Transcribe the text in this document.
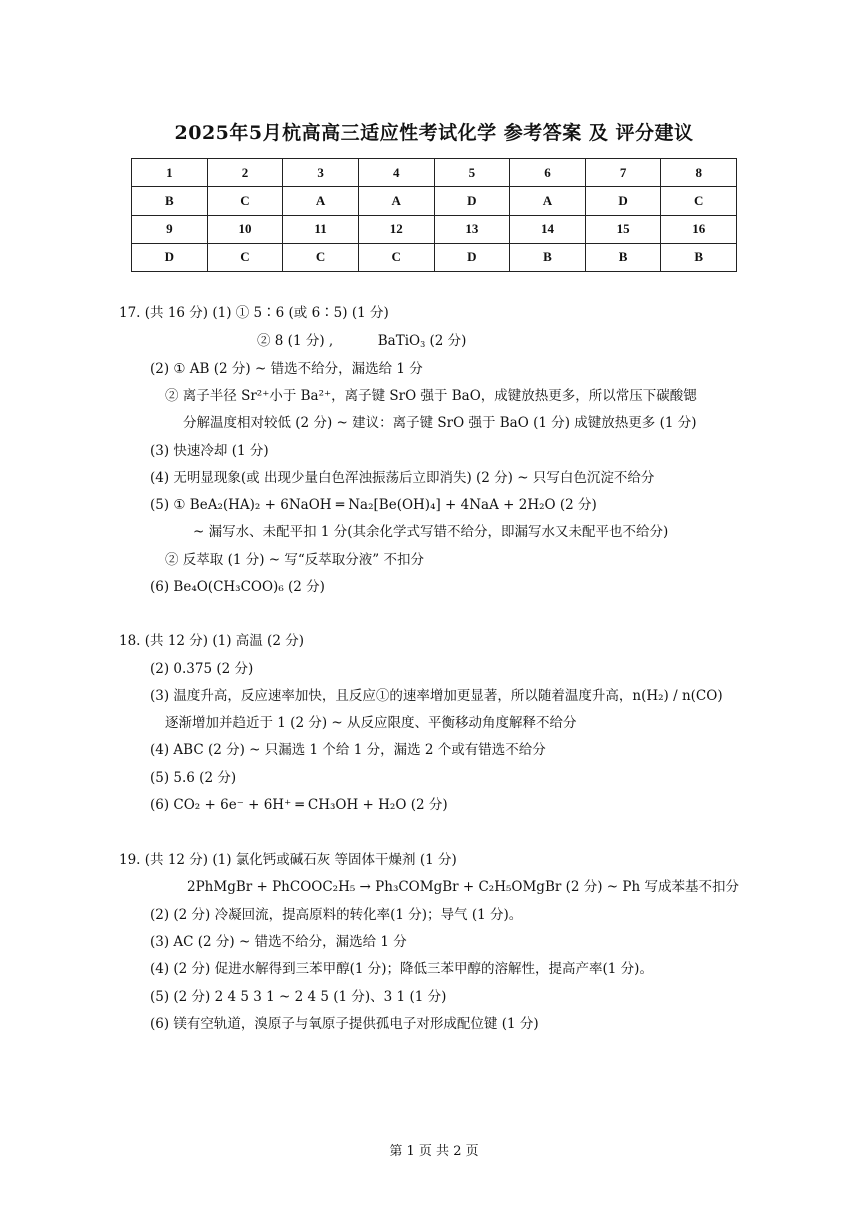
2025年5月杭高高三适应性考试化学 参考答案 及 评分建议
1	2	3	4	5	6	7	8
B	C	A	A	D	A	D	C
9	10	11	12	13	14	15	16
D	C	C	C	D	B	B	B
17. (共 16 分) (1) ① 5∶6 (或 6∶5) (1 分)
② 8 (1 分) ,	BaTiO$_3$ (2 分)
(2) ① AB (2 分) ~ 错选不给分，漏选给 1 分
② 离子半径 Sr²⁺小于 Ba²⁺，离子键 SrO 强于 BaO，成键放热更多，所以常压下碳酸锶
分解温度相对较低 (2 分) ~ 建议：离子键 SrO 强于 BaO (1 分) 成键放热更多 (1 分)
(3) 快速冷却 (1 分)
(4) 无明显现象(或 出现少量白色浑浊振荡后立即消失) (2 分) ~ 只写白色沉淀不给分
(5) ① BeA₂(HA)₂ + 6NaOH ═ Na₂[Be(OH)₄] + 4NaA + 2H₂O (2 分)
~ 漏写水、未配平扣 1 分(其余化学式写错不给分，即漏写水又未配平也不给分)
② 反萃取 (1 分) ~ 写“反萃取分液” 不扣分
(6) Be₄O(CH₃COO)₆ (2 分)
18. (共 12 分) (1) 高温 (2 分)
(2) 0.375 (2 分)
(3) 温度升高，反应速率加快，且反应①的速率增加更显著，所以随着温度升高，n(H₂) / n(CO)
逐渐增加并趋近于 1 (2 分) ~ 从反应限度、平衡移动角度解释不给分
(4) ABC (2 分) ~ 只漏选 1 个给 1 分，漏选 2 个或有错选不给分
(5) 5.6 (2 分)
(6) CO₂ + 6e⁻ + 6H⁺ ═ CH₃OH + H₂O (2 分)
19. (共 12 分) (1) 氯化钙或碱石灰 等固体干燥剂 (1 分)
2PhMgBr + PhCOOC₂H₅ → Ph₃COMgBr + C₂H₅OMgBr (2 分) ~ Ph 写成苯基不扣分
(2) (2 分) 冷凝回流，提高原料的转化率(1 分)；导气 (1 分)。
(3) AC (2 分) ~ 错选不给分，漏选给 1 分
(4) (2 分) 促进水解得到三苯甲醇(1 分)；降低三苯甲醇的溶解性，提高产率(1 分)。
(5) (2 分) 2 4 5 3 1 ~ 2 4 5 (1 分)、3 1 (1 分)
(6) 镁有空轨道，溴原子与氧原子提供孤电子对形成配位键 (1 分)
第 1 页 共 2 页
